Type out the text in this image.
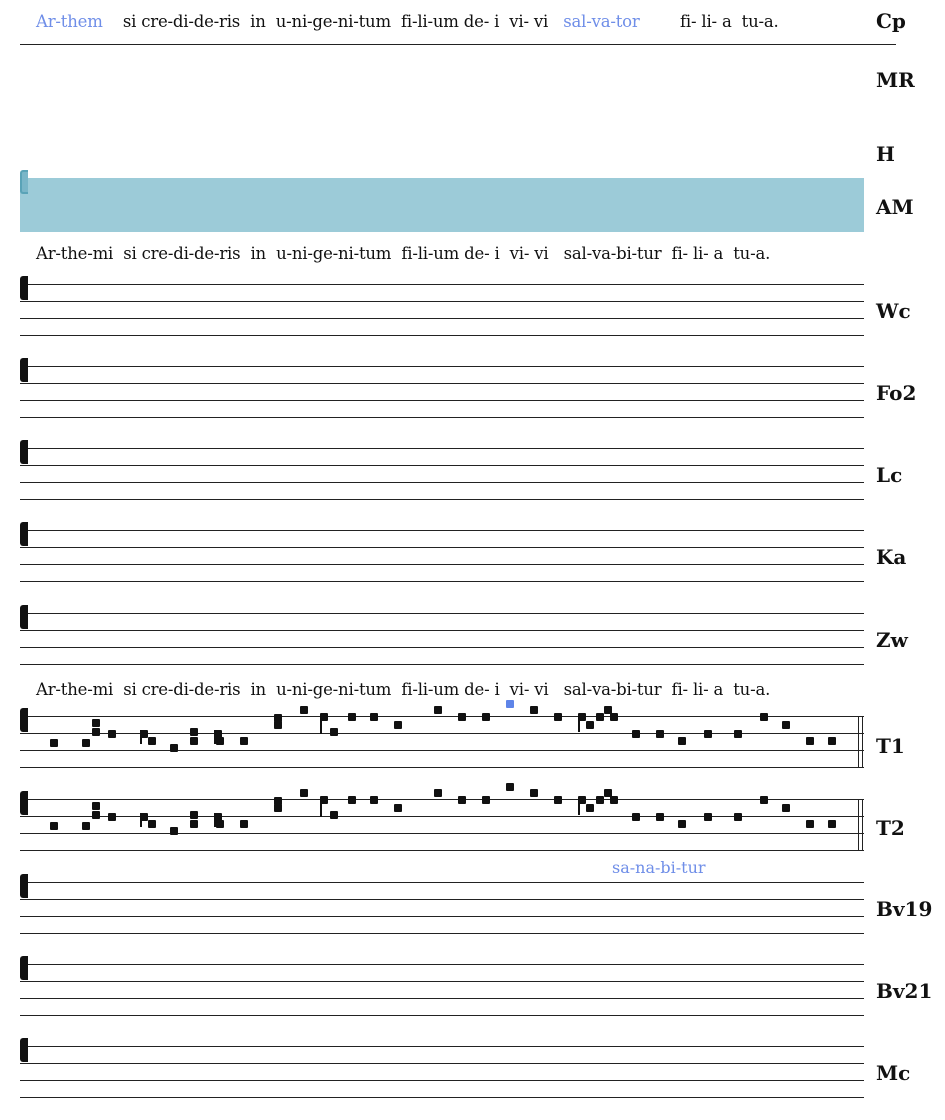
Ar-them    si cre-di-de-ris  in  u-ni-ge-ni-tum  fi-li-um de- i  vi- vi   sal-va-tor        fi- li- a  tu-a.	Cp
MR
H
AM
Ar-the-mi  si cre-di-de-ris  in  u-ni-ge-ni-tum  fi-li-um de- i  vi- vi   sal-va-bi-tur  fi- li- a  tu-a.
Wc
Fo2
Lc
Ka
Zw
Ar-the-mi  si cre-di-de-ris  in  u-ni-ge-ni-tum  fi-li-um de- i  vi- vi   sal-va-bi-tur  fi- li- a  tu-a.
T1
T2
sa-na-bi-tur
Bv19
Bv21
Mc
